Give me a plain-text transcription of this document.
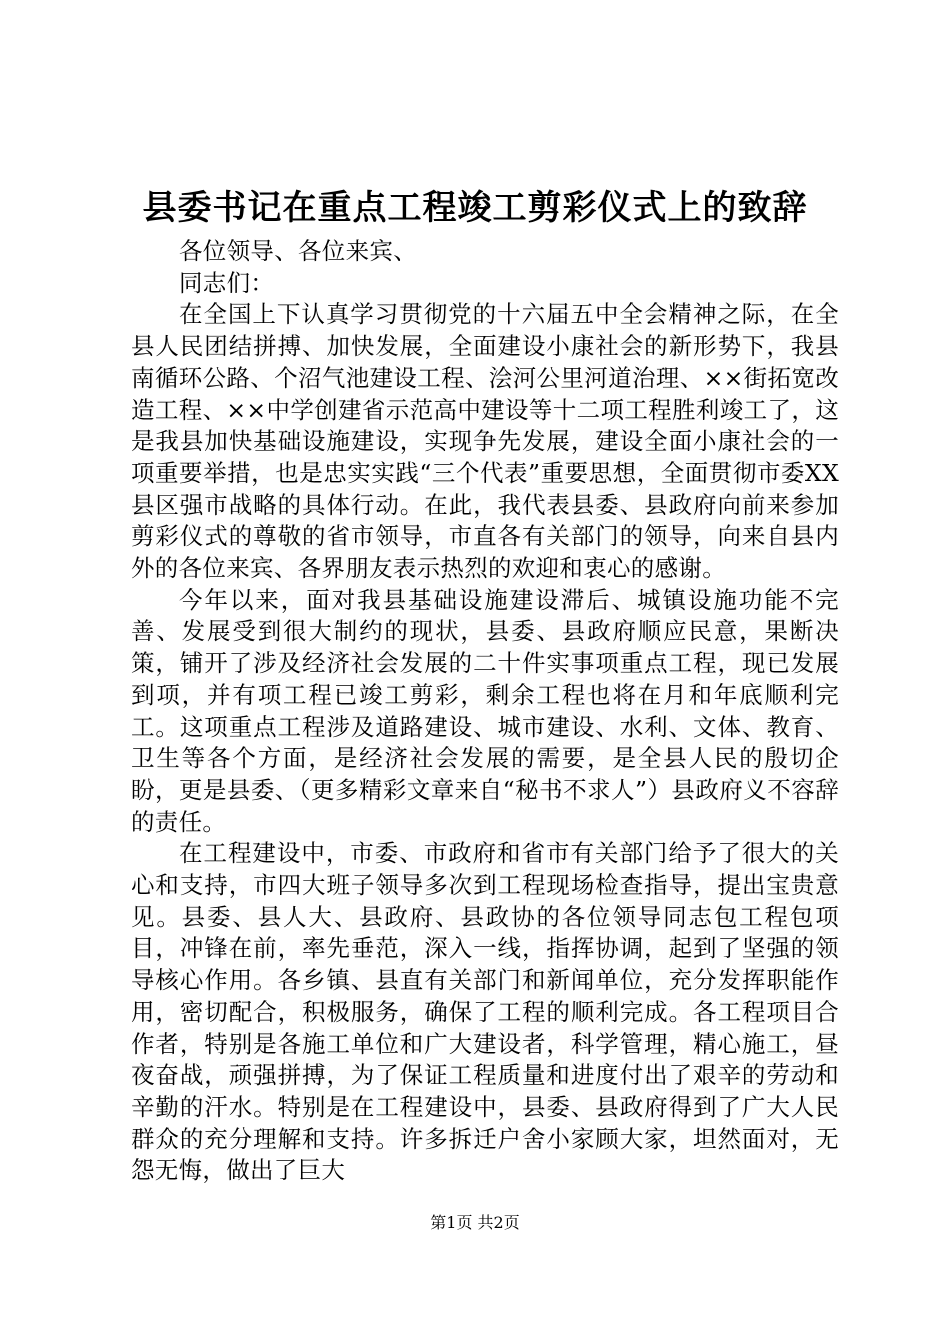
县委书记在重点工程竣工剪彩仪式上的致辞

各位领导、各位来宾、

同志们：

在全国上下认真学习贯彻党的十六届五中全会精神之际，在全县人民团结拼搏、加快发展，全面建设小康社会的新形势下，我县南循环公路、个沼气池建设工程、浍河公里河道治理、××街拓宽改造工程、××中学创建省示范高中建设等十二项工程胜利竣工了，这是我县加快基础设施建设，实现争先发展，建设全面小康社会的一项重要举措，也是忠实实践“三个代表”重要思想，全面贯彻市委XX县区强市战略的具体行动。在此，我代表县委、县政府向前来参加剪彩仪式的尊敬的省市领导，市直各有关部门的领导，向来自县内外的各位来宾、各界朋友表示热烈的欢迎和衷心的感谢。

今年以来，面对我县基础设施建设滞后、城镇设施功能不完善、发展受到很大制约的现状，县委、县政府顺应民意，果断决策，铺开了涉及经济社会发展的二十件实事项重点工程，现已发展到项，并有项工程已竣工剪彩，剩余工程也将在月和年底顺利完工。这项重点工程涉及道路建设、城市建设、水利、文体、教育、卫生等各个方面，是经济社会发展的需要，是全县人民的殷切企盼，更是县委、（更多精彩文章来自“秘书不求人”）县政府义不容辞的责任。

在工程建设中，市委、市政府和省市有关部门给予了很大的关心和支持，市四大班子领导多次到工程现场检查指导，提出宝贵意见。县委、县人大、县政府、县政协的各位领导同志包工程包项目，冲锋在前，率先垂范，深入一线，指挥协调，起到了坚强的领导核心作用。各乡镇、县直有关部门和新闻单位，充分发挥职能作用，密切配合，积极服务，确保了工程的顺利完成。各工程项目合作者，特别是各施工单位和广大建设者，科学管理，精心施工，昼夜奋战，顽强拼搏，为了保证工程质量和进度付出了艰辛的劳动和辛勤的汗水。特别是在工程建设中，县委、县政府得到了广大人民群众的充分理解和支持。许多拆迁户舍小家顾大家，坦然面对，无怨无悔，做出了巨大

第1页 共2页
